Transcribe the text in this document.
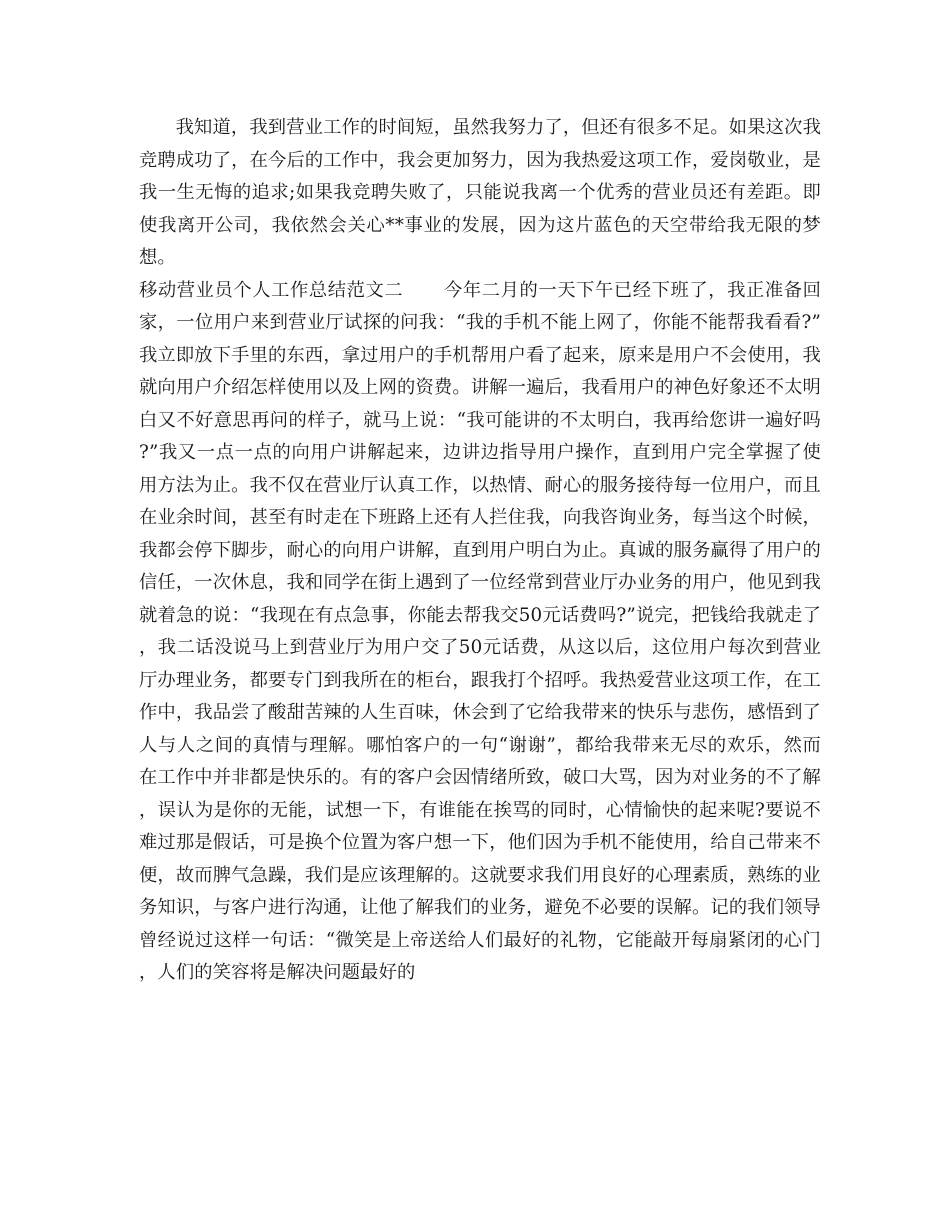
我知道，我到营业工作的时间短，虽然我努力了，但还有很多不足。如果这次我竞聘成功了，在今后的工作中，我会更加努力，因为我热爱这项工作，爱岗敬业，是我一生无悔的追求;如果我竞聘失败了，只能说我离一个优秀的营业员还有差距。即使我离开公司，我依然会关心**事业的发展，因为这片蓝色的天空带给我无限的梦想。

移动营业员个人工作总结范文二 今年二月的一天下午已经下班了，我正准备回家，一位用户来到营业厅试探的问我：“我的手机不能上网了，你能不能帮我看看?”我立即放下手里的东西，拿过用户的手机帮用户看了起来，原来是用户不会使用，我就向用户介绍怎样使用以及上网的资费。讲解一遍后，我看用户的神色好象还不太明白又不好意思再问的样子，就马上说：“我可能讲的不太明白，我再给您讲一遍好吗?”我又一点一点的向用户讲解起来，边讲边指导用户操作，直到用户完全掌握了使用方法为止。我不仅在营业厅认真工作，以热情、耐心的服务接待每一位用户，而且在业余时间，甚至有时走在下班路上还有人拦住我，向我咨询业务，每当这个时候，我都会停下脚步，耐心的向用户讲解，直到用户明白为止。真诚的服务赢得了用户的信任，一次休息，我和同学在街上遇到了一位经常到营业厅办业务的用户，他见到我就着急的说：“我现在有点急事，你能去帮我交50元话费吗?”说完，把钱给我就走了，我二话没说马上到营业厅为用户交了50元话费，从这以后，这位用户每次到营业厅办理业务，都要专门到我所在的柜台，跟我打个招呼。我热爱营业这项工作，在工作中，我品尝了酸甜苦辣的人生百味，休会到了它给我带来的快乐与悲伤，感悟到了人与人之间的真情与理解。哪怕客户的一句“谢谢”，都给我带来无尽的欢乐，然而在工作中并非都是快乐的。有的客户会因情绪所致，破口大骂，因为对业务的不了解，误认为是你的无能，试想一下，有谁能在挨骂的同时，心情愉快的起来呢?要说不难过那是假话，可是换个位置为客户想一下，他们因为手机不能使用，给自己带来不便，故而脾气急躁，我们是应该理解的。这就要求我们用良好的心理素质，熟练的业务知识，与客户进行沟通，让他了解我们的业务，避免不必要的误解。记的我们领导曾经说过这样一句话：“微笑是上帝送给人们最好的礼物，它能敲开每扇紧闭的心门，人们的笑容将是解决问题最好的
